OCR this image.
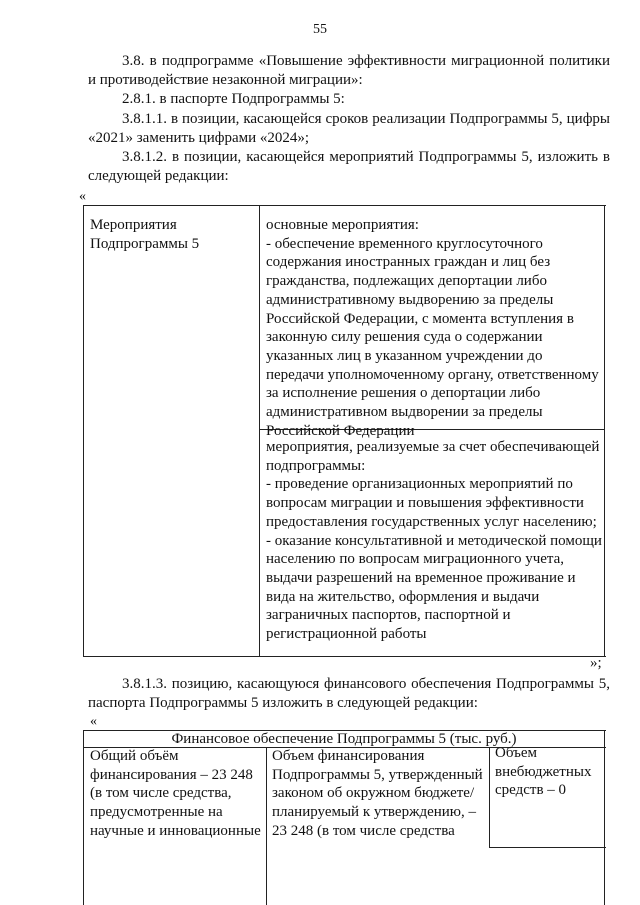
55
3.8. в подпрограмме «Повышение эффективности миграционной политики и противодействие незаконной миграции»:
2.8.1. в паспорте Подпрограммы 5:
3.8.1.1. в позиции, касающейся сроков реализации Подпрограммы 5, цифры «2021» заменить цифрами «2024»;
3.8.1.2. в позиции, касающейся мероприятий Подпрограммы 5, изложить в следующей редакции:
«
Мероприятия Подпрограммы 5
основные мероприятия:
- обеспечение временного круглосуточного содержания иностранных граждан и лиц без гражданства, подлежащих депортации либо административному выдворению за пределы Российской Федерации, с момента вступления в законную силу решения суда о содержании указанных лиц в указанном учреждении до передачи уполномоченному органу, ответственному за исполнение решения о депортации либо административном выдворении за пределы Российской Федерации
мероприятия, реализуемые за счет обеспечивающей подпрограммы:
- проведение организационных мероприятий по вопросам миграции и повышения эффективности предоставления государственных услуг населению;
- оказание консультативной и методической помощи населению по вопросам миграционного учета, выдачи разрешений на временное проживание и вида на жительство, оформления и выдачи заграничных паспортов, паспортной и регистрационной работы
»;
3.8.1.3. позицию, касающуюся финансового обеспечения Подпрограммы 5, паспорта Подпрограммы 5 изложить в следующей редакции:
«
Финансовое обеспечение Подпрограммы 5 (тыс. руб.)
Общий объём финансирования – 23 248 (в том числе средства, предусмотренные на научные и инновационные
Объем финансирования Подпрограммы 5, утвержденный законом об окружном бюджете/ планируемый к утверждению, – 23 248 (в том числе средства
Объем внебюджетных средств – 0
